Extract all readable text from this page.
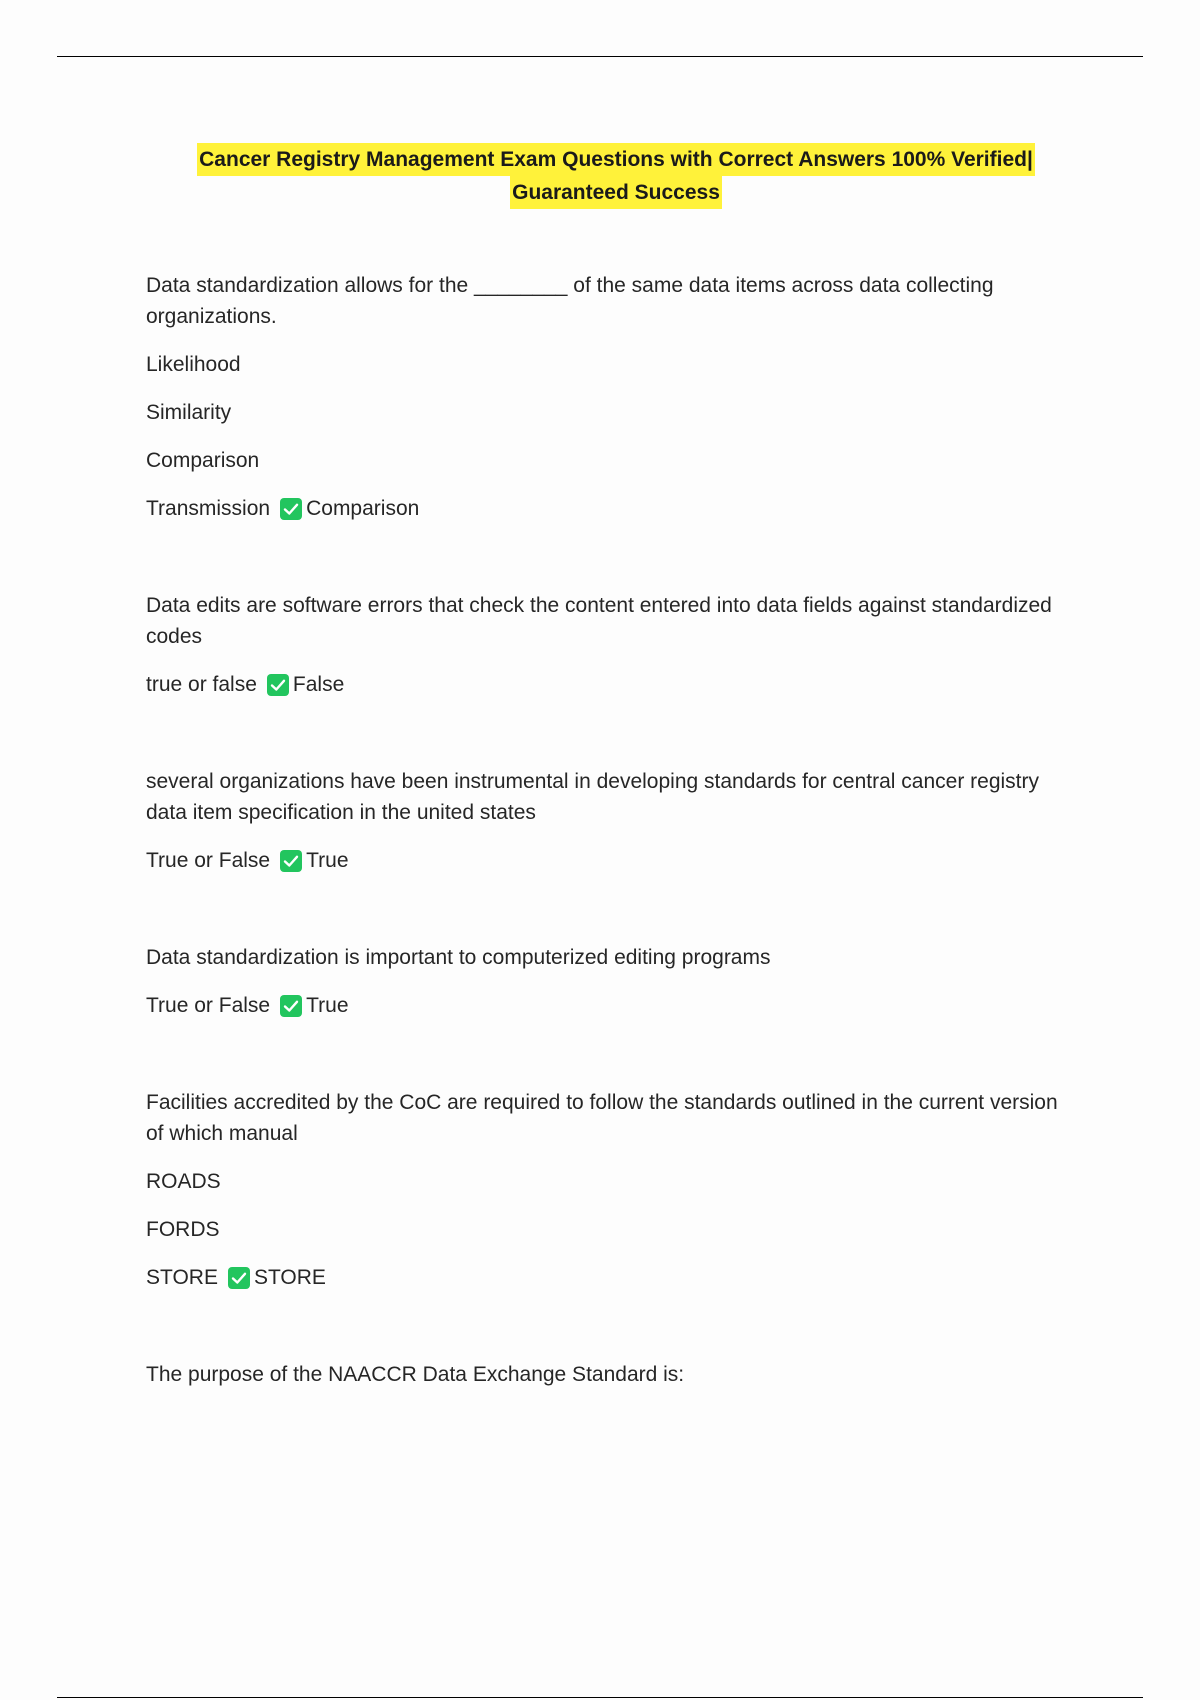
Cancer Registry Management Exam Questions with Correct Answers 100% Verified|
Guaranteed Success
Data standardization allows for the ________ of the same data items across data collecting organizations.
Likelihood
Similarity
Comparison
Transmission Comparison
Data edits are software errors that check the content entered into data fields against standardized codes
true or false False
several organizations have been instrumental in developing standards for central cancer registry data item specification in the united states
True or False True
Data standardization is important to computerized editing programs
True or False True
Facilities accredited by the CoC are required to follow the standards outlined in the current version of which manual
ROADS
FORDS
STORE STORE
The purpose of the NAACCR Data Exchange Standard is:
